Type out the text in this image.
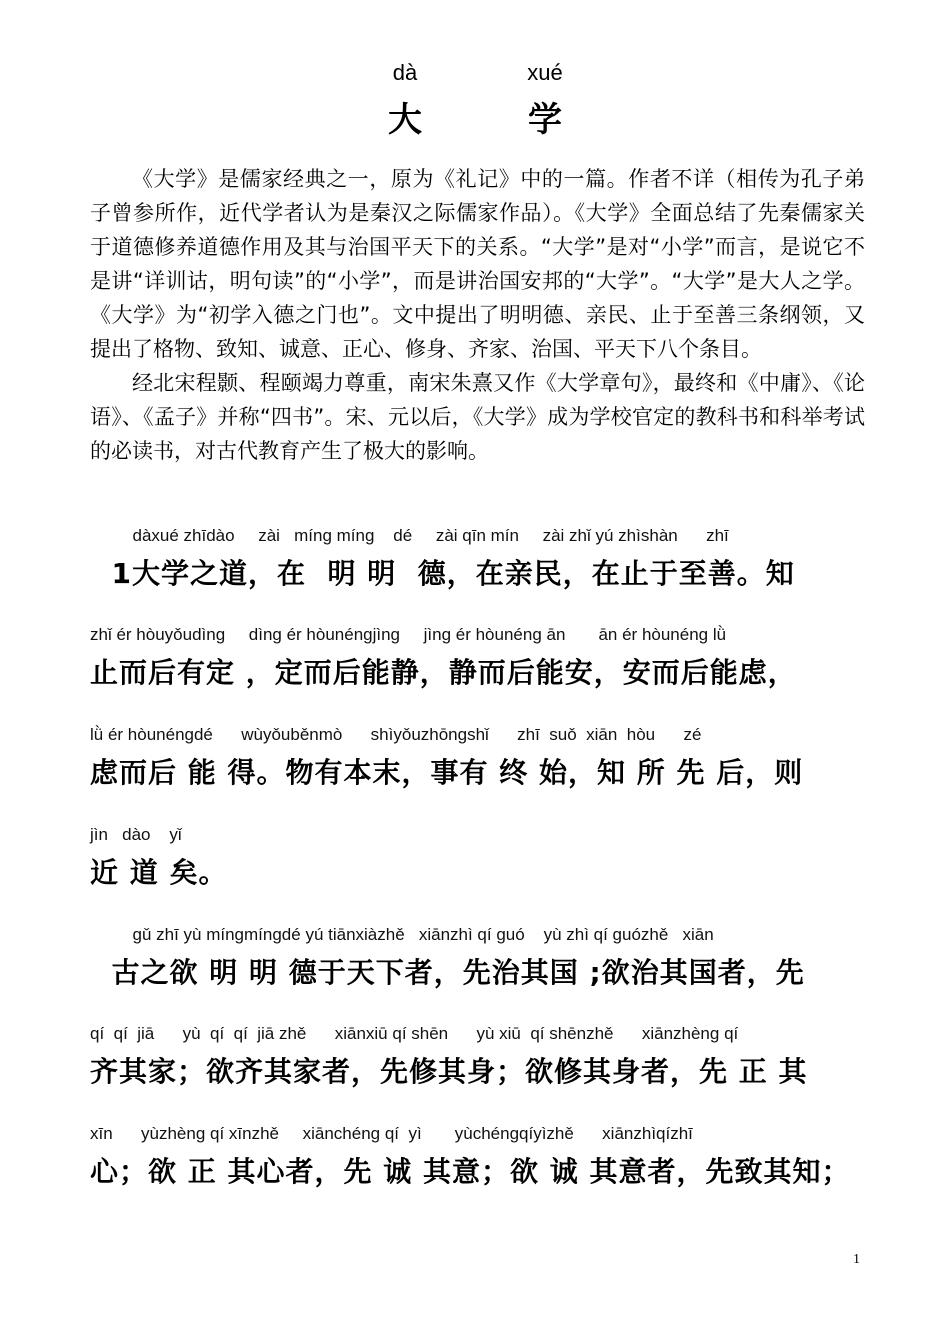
dà	xué
大	学

《大学》是儒家经典之一，原为《礼记》中的一篇。作者不详（相传为孔子弟子曾参所作，近代学者认为是秦汉之际儒家作品）。《大学》全面总结了先秦儒家关于道德修养道德作用及其与治国平天下的关系。“大学”是对“小学”而言，是说它不是讲“详训诂，明句读”的“小学”，而是讲治国安邦的“大学”。“大学”是大人之学。《大学》为“初学入德之门也”。文中提出了明明德、亲民、止于至善三条纲领，又提出了格物、致知、诚意、正心、修身、齐家、治国、平天下八个条目。

经北宋程颢、程颐竭力尊重，南宋朱熹又作《大学章句》，最终和《中庸》、《论语》、《孟子》并称“四书”。宋、元以后，《大学》成为学校官定的教科书和科举考试的必读书，对古代教育产生了极大的影响。

dàxué zhīdào     zài   míng míng    dé     zài qīn mín     zài zhǐ yú zhìshàn      zhī
1大学之道，在  明 明  德，在亲民，在止于至善。知
zhǐ ér hòuyǒudìng     dìng ér hòunéngjìng     jìng ér hòunéng ān       ān ér hòunéng lǜ
止而后有定 ，定而后能静，静而后能安，安而后能虑，
lǜ ér hòunéngdé      wùyǒuběnmò      shìyǒuzhōngshǐ      zhī  suǒ  xiān  hòu      zé
虑而后 能 得。物有本末，事有 终 始，知 所 先 后，则
jìn   dào    yǐ
近 道 矣。
gǔ zhī yù míngmíngdé yú tiānxiàzhě   xiānzhì qí guó    yù zhì qí guózhě   xiān
古之欲 明 明 德于天下者，先治其国 ;欲治其国者，先
qí  qí  jiā      yù  qí  qí  jiā zhě      xiānxiū qí shēn      yù xiū  qí shēnzhě      xiānzhèng qí
齐其家；欲齐其家者，先修其身；欲修其身者，先 正 其
xīn      yùzhèng qí xīnzhě     xiānchéng qí  yì       yùchéngqíyìzhě      xiānzhìqízhī
心；欲 正 其心者，先 诚 其意；欲 诚 其意者，先致其知；
1
